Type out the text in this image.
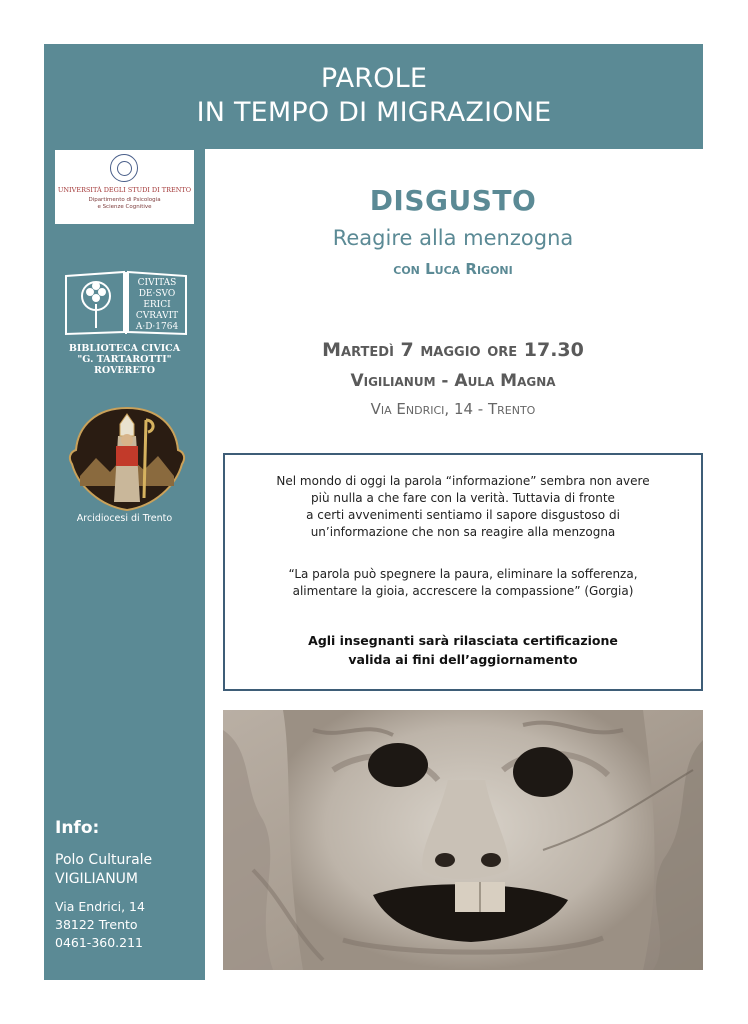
PAROLE
IN TEMPO DI MIGRAZIONE
UNIVERSITÀ DEGLI STUDI DI TRENTO
Dipartimento di Psicologia
e Scienze Cognitive
CIVITAS
DE·SVO
ERICI
CVRAVIT
A·D·1764
BIBLIOTECA CIVICA
"G. TARTAROTTI"
ROVERETO
Arcidiocesi di Trento
Info:
Polo Culturale
VIGILIANUM
Via Endrici, 14
38122 Trento
0461-360.211
DISGUSTO
Reagire alla menzogna
con Luca Rigoni
Martedì 7 maggio ore 17.30
Vigilianum - Aula Magna
Via Endrici, 14 - Trento
Nel mondo di oggi la parola “informazione” sembra non avere
più nulla a che fare con la verità. Tuttavia di fronte
a certi avvenimenti sentiamo il sapore disgustoso di
un’informazione che non sa reagire alla menzogna
“La parola può spegnere la paura, eliminare la sofferenza,
alimentare la gioia, accrescere la compassione” (Gorgia)
Agli insegnanti sarà rilasciata certificazione
valida ai fini dell’aggiornamento
